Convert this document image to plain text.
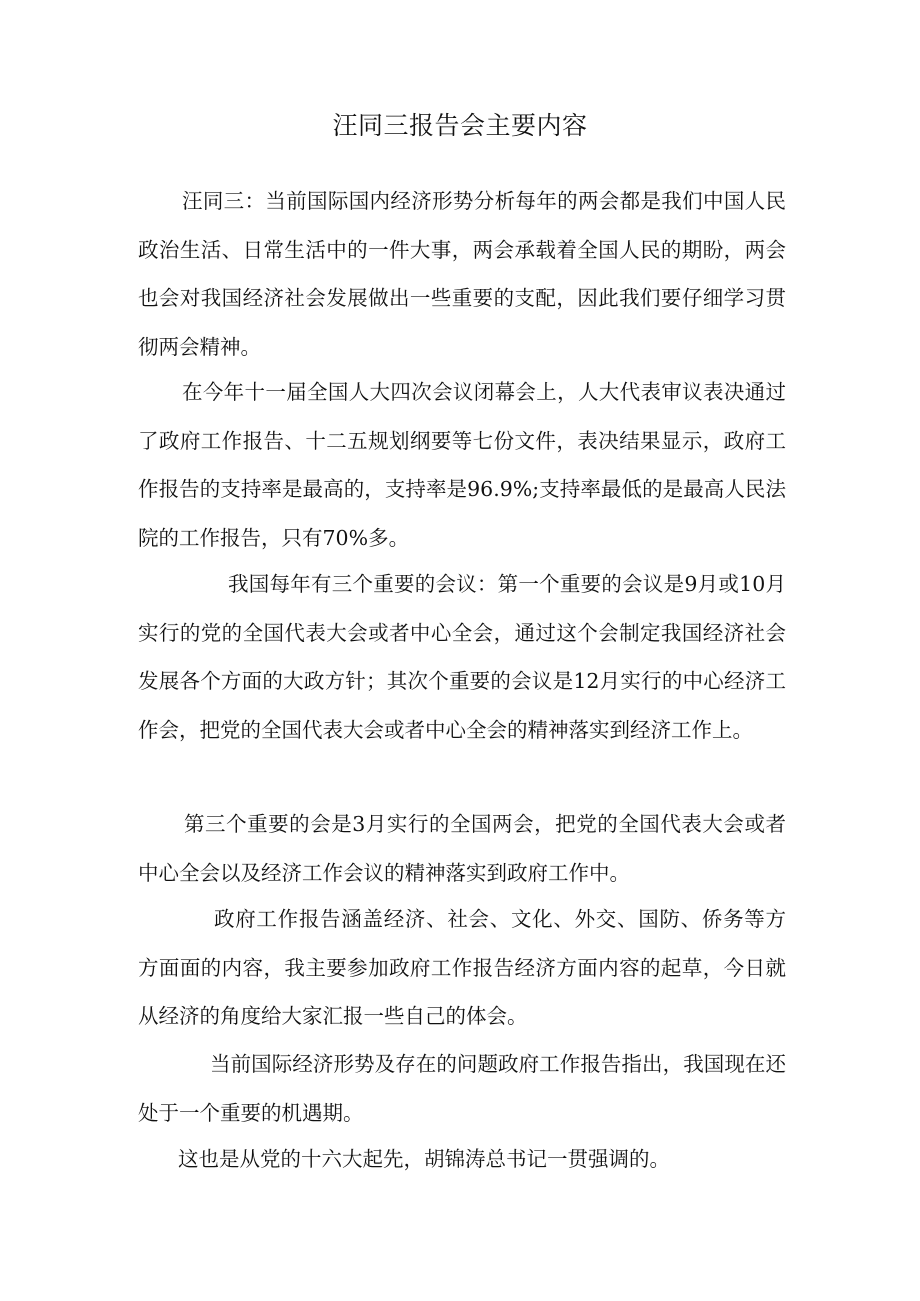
汪同三报告会主要内容

汪同三：当前国际国内经济形势分析每年的两会都是我们中国人民政治生活、日常生活中的一件大事，两会承载着全国人民的期盼，两会也会对我国经济社会发展做出一些重要的支配，因此我们要仔细学习贯彻两会精神。

在今年十一届全国人大四次会议闭幕会上，人大代表审议表决通过了政府工作报告、十二五规划纲要等七份文件，表决结果显示，政府工作报告的支持率是最高的，支持率是96.9%;支持率最低的是最高人民法院的工作报告，只有70%多。

我国每年有三个重要的会议：第一个重要的会议是9月或10月实行的党的全国代表大会或者中心全会，通过这个会制定我国经济社会发展各个方面的大政方针；其次个重要的会议是12月实行的中心经济工作会，把党的全国代表大会或者中心全会的精神落实到经济工作上。

第三个重要的会是3月实行的全国两会，把党的全国代表大会或者中心全会以及经济工作会议的精神落实到政府工作中。

政府工作报告涵盖经济、社会、文化、外交、国防、侨务等方方面面的内容，我主要参加政府工作报告经济方面内容的起草，今日就从经济的角度给大家汇报一些自己的体会。

当前国际经济形势及存在的问题政府工作报告指出，我国现在还处于一个重要的机遇期。

这也是从党的十六大起先，胡锦涛总书记一贯强调的。
